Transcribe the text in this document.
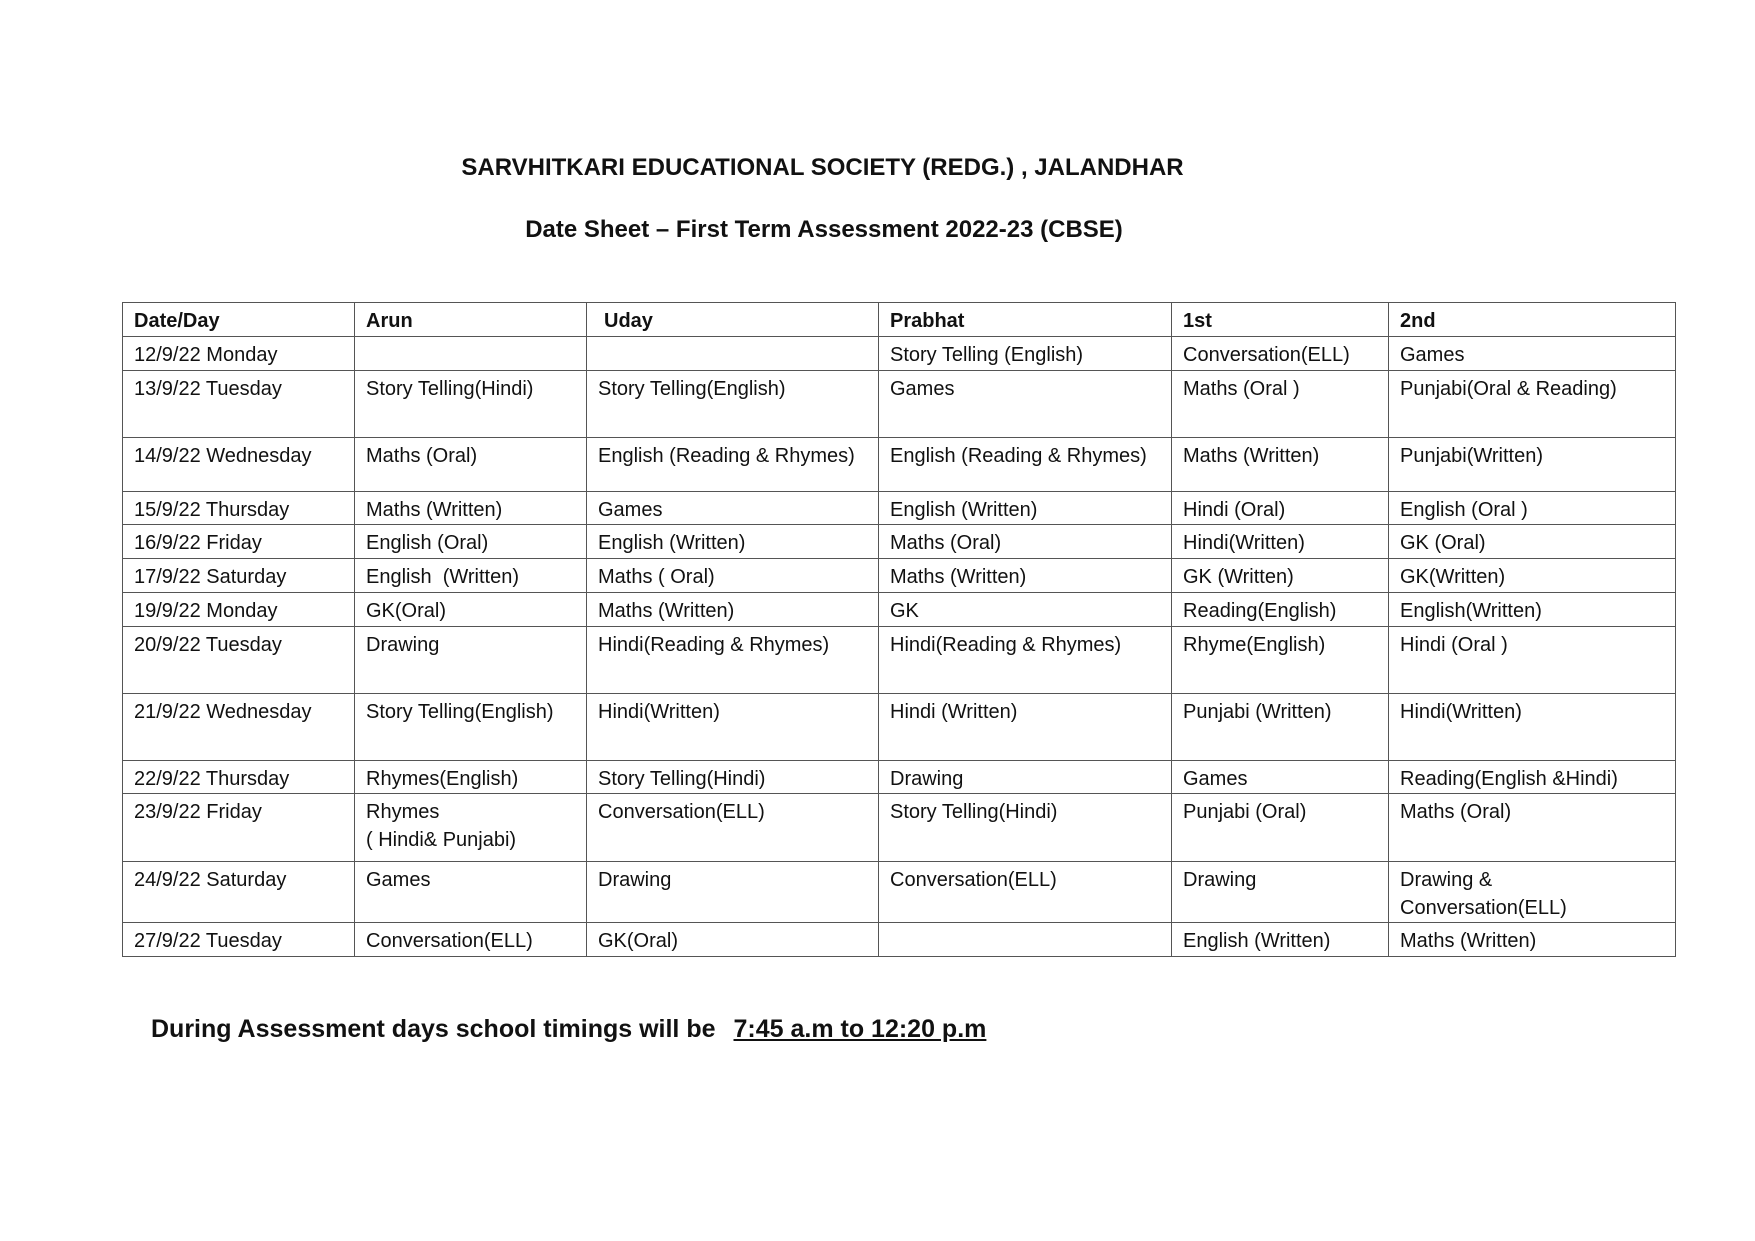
SARVHITKARI EDUCATIONAL SOCIETY (REDG.) , JALANDHAR
Date Sheet – First Term Assessment 2022-23 (CBSE)
Date/Day	Arun	Uday	Prabhat	1st	2nd
12/9/22 Monday			Story Telling (English)	Conversation(ELL)	Games
13/9/22 Tuesday	Story Telling(Hindi)	Story Telling(English)	Games	Maths (Oral )	Punjabi(Oral & Reading)
14/9/22 Wednesday	Maths (Oral)	English (Reading & Rhymes)	English (Reading & Rhymes)	Maths (Written)	Punjabi(Written)
15/9/22 Thursday	Maths (Written)	Games	English (Written)	Hindi (Oral)	English (Oral )
16/9/22 Friday	English (Oral)	English (Written)	Maths (Oral)	Hindi(Written)	GK (Oral)
17/9/22 Saturday	English  (Written)	Maths ( Oral)	Maths (Written)	GK (Written)	GK(Written)
19/9/22 Monday	GK(Oral)	Maths (Written)	GK	Reading(English)	English(Written)
20/9/22 Tuesday	Drawing	Hindi(Reading & Rhymes)	Hindi(Reading & Rhymes)	Rhyme(English)	Hindi (Oral )
21/9/22 Wednesday	Story Telling(English)	Hindi(Written)	Hindi (Written)	Punjabi (Written)	Hindi(Written)
22/9/22 Thursday	Rhymes(English)	Story Telling(Hindi)	Drawing	Games	Reading(English &Hindi)
23/9/22 Friday	Rhymes
( Hindi& Punjabi)	Conversation(ELL)	Story Telling(Hindi)	Punjabi (Oral)	Maths (Oral)
24/9/22 Saturday	Games	Drawing	Conversation(ELL)	Drawing	Drawing &
Conversation(ELL)
27/9/22 Tuesday	Conversation(ELL)	GK(Oral)		English (Written)	Maths (Written)

During Assessment days school timings will be 7:45 a.m to 12:20 p.m
